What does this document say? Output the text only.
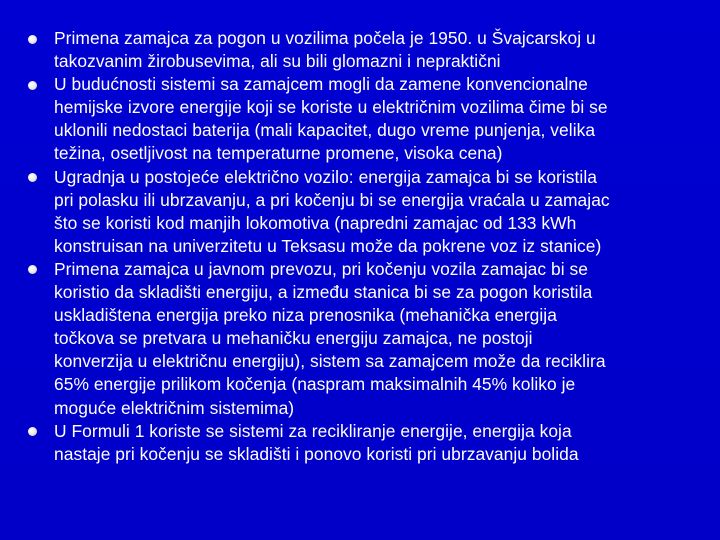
Primena zamajca za pogon u vozilima počela je 1950. u Švajcarskoj u
takozvanim žirobusevima, ali su bili glomazni i nepraktični
U budućnosti sistemi sa zamajcem mogli da zamene konvencionalne
hemijske izvore energije koji se koriste u električnim vozilima čime bi se
uklonili nedostaci baterija (mali kapacitet, dugo vreme punjenja, velika
težina, osetljivost na temperaturne promene, visoka cena)
Ugradnja u postojeće električno vozilo: energija zamajca bi se koristila
pri polasku ili ubrzavanju, a pri kočenju bi se energija vraćala u zamajac
što se koristi kod manjih lokomotiva (napredni zamajac od 133 kWh
konstruisan na univerzitetu u Teksasu može da pokrene voz iz stanice)
Primena zamajca u javnom prevozu, pri kočenju vozila zamajac bi se
koristio da skladišti energiju, a između stanica bi se za pogon koristila
uskladištena energija preko niza prenosnika (mehanička energija
točkova se pretvara u mehaničku energiju zamajca, ne postoji
konverzija u električnu energiju), sistem sa zamajcem može da reciklira
65% energije prilikom kočenja (naspram maksimalnih 45% koliko je
moguće električnim sistemima)
U Formuli 1 koriste se sistemi za recikliranje energije, energija koja
nastaje pri kočenju se skladišti i ponovo koristi pri ubrzavanju bolida
